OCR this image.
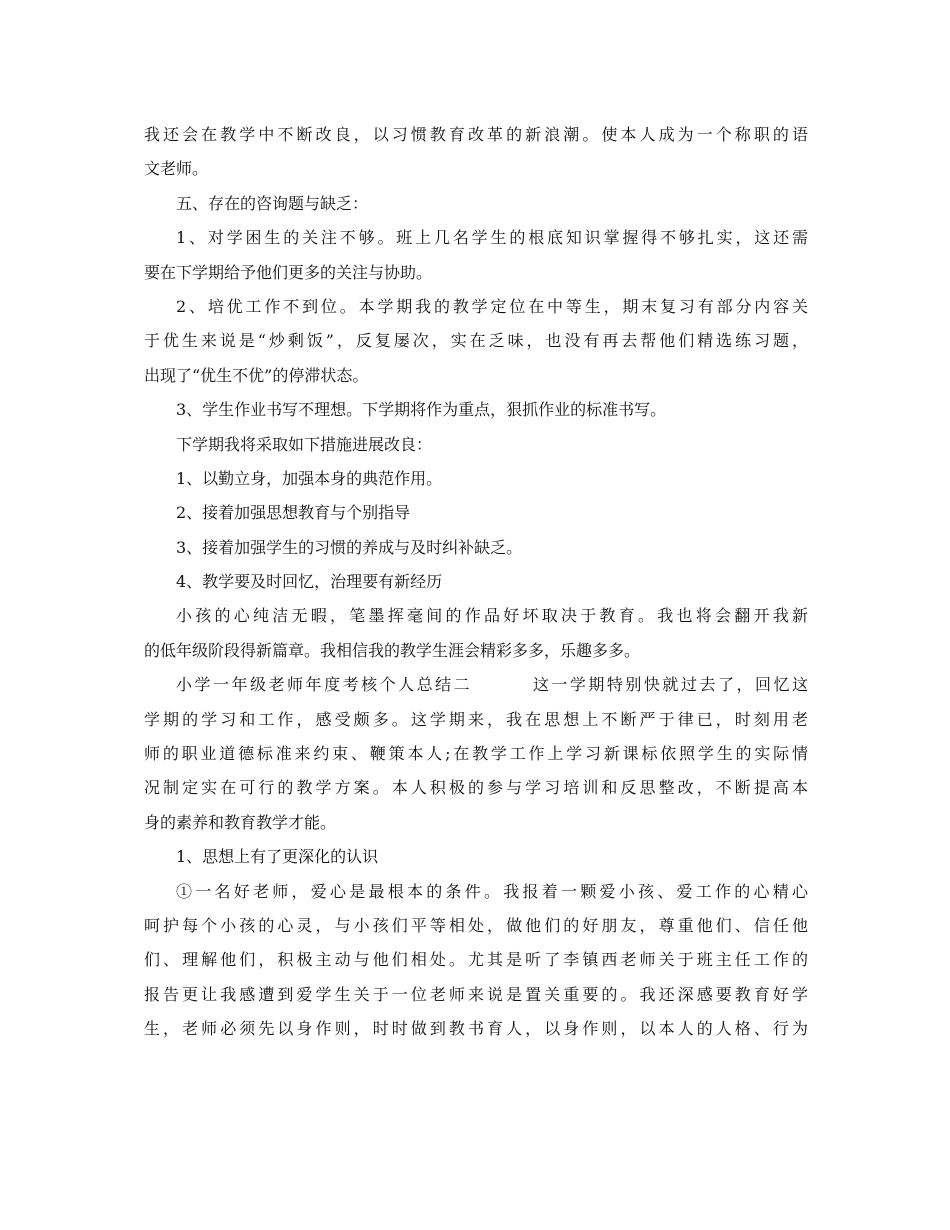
我还会在教学中不断改良，以习惯教育改革的新浪潮。使本人成为一个称职的语
文老师。
五、存在的咨询题与缺乏：
1、对学困生的关注不够。班上几名学生的根底知识掌握得不够扎实，这还需
要在下学期给予他们更多的关注与协助。
2、培优工作不到位。本学期我的教学定位在中等生，期末复习有部分内容关
于优生来说是“炒剩饭”，反复屡次，实在乏味，也没有再去帮他们精选练习题，
出现了“优生不优”的停滞状态。
3、学生作业书写不理想。下学期将作为重点，狠抓作业的标准书写。
下学期我将采取如下措施进展改良：
1、以勤立身，加强本身的典范作用。
2、接着加强思想教育与个别指导
3、接着加强学生的习惯的养成与及时纠补缺乏。
4、教学要及时回忆，治理要有新经历
小孩的心纯洁无暇，笔墨挥毫间的作品好坏取决于教育。我也将会翻开我新
的低年级阶段得新篇章。我相信我的教学生涯会精彩多多，乐趣多多。
小学一年级老师年度考核个人总结二        这一学期特别快就过去了，回忆这
学期的学习和工作，感受颇多。这学期来，我在思想上不断严于律已，时刻用老
师的职业道德标准来约束、鞭策本人;在教学工作上学习新课标依照学生的实际情
况制定实在可行的教学方案。本人积极的参与学习培训和反思整改，不断提高本
身的素养和教育教学才能。
1、思想上有了更深化的认识
①一名好老师，爱心是最根本的条件。我报着一颗爱小孩、爱工作的心精心
呵护每个小孩的心灵，与小孩们平等相处，做他们的好朋友，尊重他们、信任他
们、理解他们，积极主动与他们相处。尤其是听了李镇西老师关于班主任工作的
报告更让我感遭到爱学生关于一位老师来说是置关重要的。我还深感要教育好学
生，老师必须先以身作则，时时做到教书育人，以身作则，以本人的人格、行为
